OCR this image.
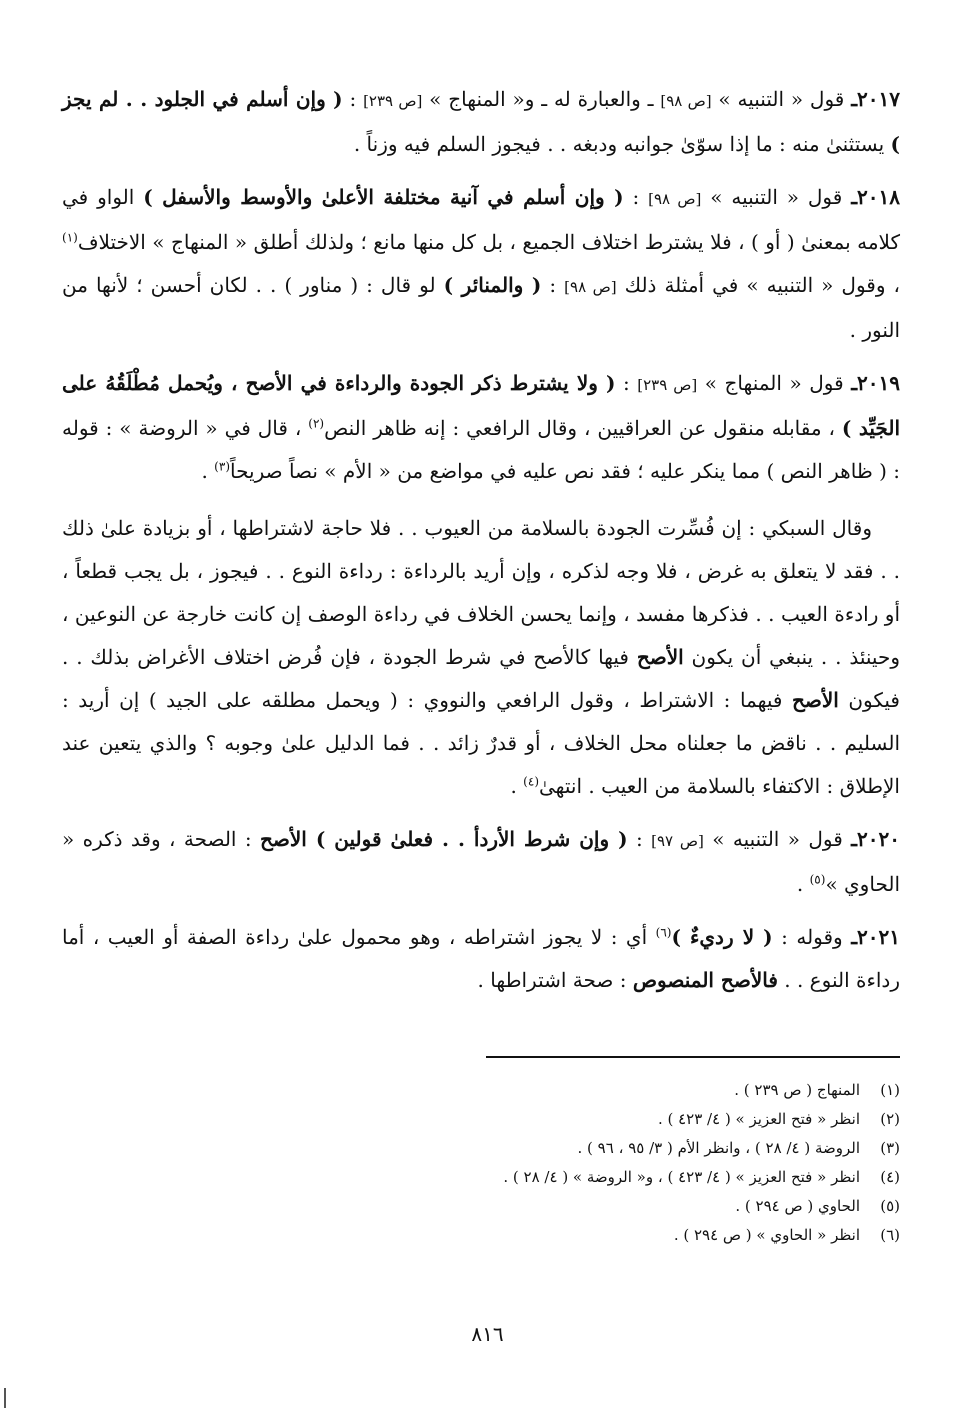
٢٠١٧ـ قول « التنبيه » [ص ٩٨] ـ والعبارة له ـ و« المنهاج » [ص ٢٣٩] : ( وإن أسلم في الجلود . . لم يجز ) يستثنىٰ منه : ما إذا سوّىٰ جوانبه ودبغه . . فيجوز السلم فيه وزناً .

٢٠١٨ـ قول « التنبيه » [ص ٩٨] : ( وإن أسلم في آنية مختلفة الأعلىٰ والأوسط والأسفل ) الواو في كلامه بمعنىٰ ( أو ) ، فلا يشترط اختلاف الجميع ، بل كل منها مانع ؛ ولذلك أطلق « المنهاج » الاختلاف$^{(١)}$ ، وقول « التنبيه » في أمثلة ذلك [ص ٩٨] : ( والمنائر ) لو قال : ( مناور ) . . لكان أحسن ؛ لأنها من النور .

٢٠١٩ـ قول « المنهاج » [ص ٢٣٩] : ( ولا يشترط ذكر الجودة والرداءة في الأصح ، ويُحمل مُطْلَقُهُ على الجَيِّد ) ، مقابله منقول عن العراقيين ، وقال الرافعي : إنه ظاهر النص$^{(٢)}$ ، قال في « الروضة » : قوله : ( ظاهر النص ) مما ينكر عليه ؛ فقد نص عليه في مواضع من « الأم » نصاً صريحاً$^{(٣)}$ .

وقال السبكي : إن فُسِّرت الجودة بالسلامة من العيوب . . فلا حاجة لاشتراطها ، أو بزيادة علىٰ ذلك . . فقد لا يتعلق به غرض ، فلا وجه لذكره ، وإن أريد بالرداءة : رداءة النوع . . فيجوز ، بل يجب قطعاً ، أو رادءة العيب . . فذكرها مفسد ، وإنما يحسن الخلاف في رداءة الوصف إن كانت خارجة عن النوعين ، وحينئذ . . ينبغي أن يكون الأصح فيها كالأصح في شرط الجودة ، فإن فُرض اختلاف الأغراض بذلك . . فيكون الأصح فيهما : الاشتراط ، وقول الرافعي والنووي : ( ويحمل مطلقه على الجيد ) إن أريد : السليم . . ناقض ما جعلناه محل الخلاف ، أو قدرٌ زائد . . فما الدليل علىٰ وجوبه ؟ والذي يتعين عند الإطلاق : الاكتفاء بالسلامة من العيب . انتهىٰ$^{(٤)}$ .

٢٠٢٠ـ قول « التنبيه » [ص ٩٧] : ( وإن شرط الأردأ . . فعلىٰ قولين ) الأصح : الصحة ، وقد ذكره « الحاوي »$^{(٥)}$ .

٢٠٢١ـ وقوله : ( لا رديءٌ )$^{(٦)}$ أي : لا يجوز اشتراطه ، وهو محمول علىٰ رداءة الصفة أو العيب ، أما رداءة النوع . . فالأصح المنصوص : صحة اشتراطها .

(١)المنهاج ( ص ٢٣٩ ) .
(٢)انظر « فتح العزيز » ( ٤/ ٤٢٣ ) .
(٣)الروضة ( ٤/ ٢٨ ) ، وانظر الأم ( ٣/ ٩٥ ، ٩٦ ) .
(٤)انظر « فتح العزيز » ( ٤/ ٤٢٣ ) ، و« الروضة » ( ٤/ ٢٨ ) .
(٥)الحاوي ( ص ٢٩٤ ) .
(٦)انظر « الحاوي » ( ص ٢٩٤ ) .
٨١٦
